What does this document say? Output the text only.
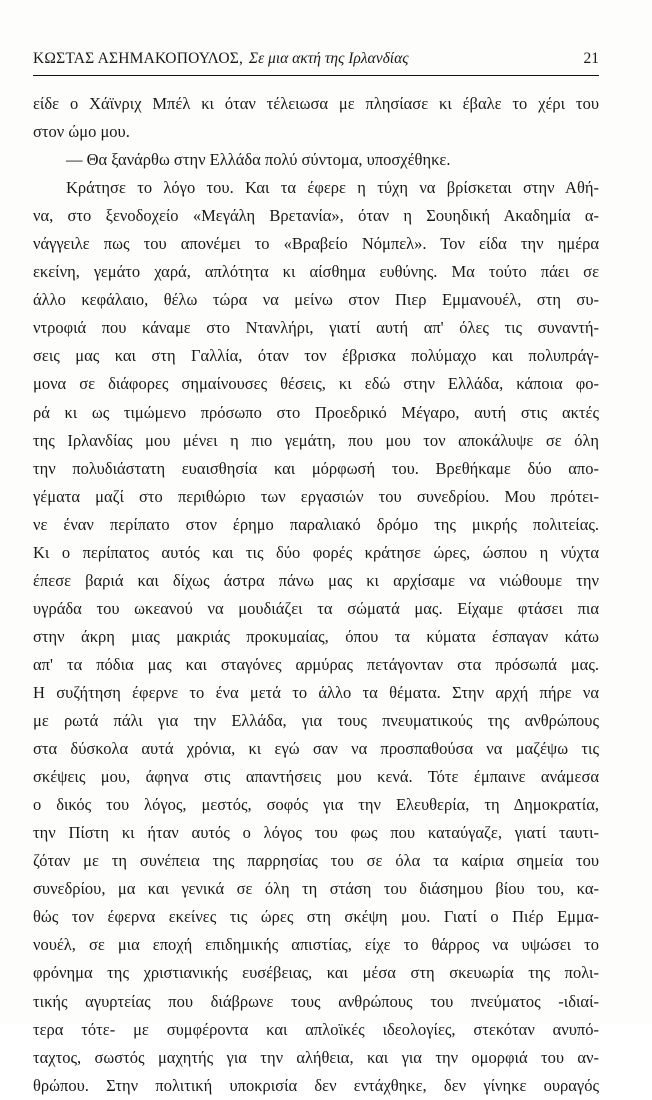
ΚΩΣΤΑΣ ΑΣΗΜΑΚΟΠΟΥΛΟΣ, Σε μια ακτή της Ιρλανδίας	21
είδε ο Χάϊνριχ Μπέλ κι όταν τέλειωσα με πλησίασε κι έβαλε το χέρι του
στον ώμο μου.
— Θα ξανάρθω στην Ελλάδα πολύ σύντομα, υποσχέθηκε.
Κράτησε το λόγο του. Και τα έφερε η τύχη να βρίσκεται στην Αθή-
να, στο ξενοδοχείο «Μεγάλη Βρετανία», όταν η Σουηδική Ακαδημία α-
νάγγειλε πως του απονέμει το «Βραβείο Νόμπελ». Τον είδα την ημέρα
εκείνη, γεμάτο χαρά, απλότητα κι αίσθημα ευθύνης. Μα τούτο πάει σε
άλλο κεφάλαιο, θέλω τώρα να μείνω στον Πιερ Εμμανουέλ, στη συ-
ντροφιά που κάναμε στο Ντανλήρι, γιατί αυτή απ' όλες τις συναντή-
σεις μας και στη Γαλλία, όταν τον έβρισκα πολύμαχο και πολυπράγ-
μονα σε διάφορες σημαίνουσες θέσεις, κι εδώ στην Ελλάδα, κάποια φο-
ρά κι ως τιμώμενο πρόσωπο στο Προεδρικό Μέγαρο, αυτή στις ακτές
της Ιρλανδίας μου μένει η πιο γεμάτη, που μου τον αποκάλυψε σε όλη
την πολυδιάστατη ευαισθησία και μόρφωσή του. Βρεθήκαμε δύο απο-
γέματα μαζί στο περιθώριο των εργασιών του συνεδρίου. Μου πρότει-
νε έναν περίπατο στον έρημο παραλιακό δρόμο της μικρής πολιτείας.
Κι ο περίπατος αυτός και τις δύο φορές κράτησε ώρες, ώσπου η νύχτα
έπεσε βαριά και δίχως άστρα πάνω μας κι αρχίσαμε να νιώθουμε την
υγράδα του ωκεανού να μουδιάζει τα σώματά μας. Είχαμε φτάσει πια
στην άκρη μιας μακριάς προκυμαίας, όπου τα κύματα έσπαγαν κάτω
απ' τα πόδια μας και σταγόνες αρμύρας πετάγονταν στα πρόσωπά μας.
Η συζήτηση έφερνε το ένα μετά το άλλο τα θέματα. Στην αρχή πήρε να
με ρωτά πάλι για την Ελλάδα, για τους πνευματικούς της ανθρώπους
στα δύσκολα αυτά χρόνια, κι εγώ σαν να προσπαθούσα να μαζέψω τις
σκέψεις μου, άφηνα στις απαντήσεις μου κενά. Τότε έμπαινε ανάμεσα
ο δικός του λόγος, μεστός, σοφός για την Ελευθερία, τη Δημοκρατία,
την Πίστη κι ήταν αυτός ο λόγος του φως που καταύγαζε, γιατί ταυτι-
ζόταν με τη συνέπεια της παρρησίας του σε όλα τα καίρια σημεία του
συνεδρίου, μα και γενικά σε όλη τη στάση του διάσημου βίου του, κα-
θώς τον έφερνα εκείνες τις ώρες στη σκέψη μου. Γιατί ο Πιέρ Εμμα-
νουέλ, σε μια εποχή επιδημικής απιστίας, είχε το θάρρος να υψώσει το
φρόνημα της χριστιανικής ευσέβειας, και μέσα στη σκευωρία της πολι-
τικής αγυρτείας που διάβρωνε τους ανθρώπους του πνεύματος -ιδιαί-
τερα τότε- με συμφέροντα και απλοϊκές ιδεολογίες, στεκόταν ανυπό-
ταχτος, σωστός μαχητής για την αλήθεια, και για την ομορφιά του αν-
θρώπου. Στην πολιτική υποκρισία δεν εντάχθηκε, δεν γίνηκε ουραγός
